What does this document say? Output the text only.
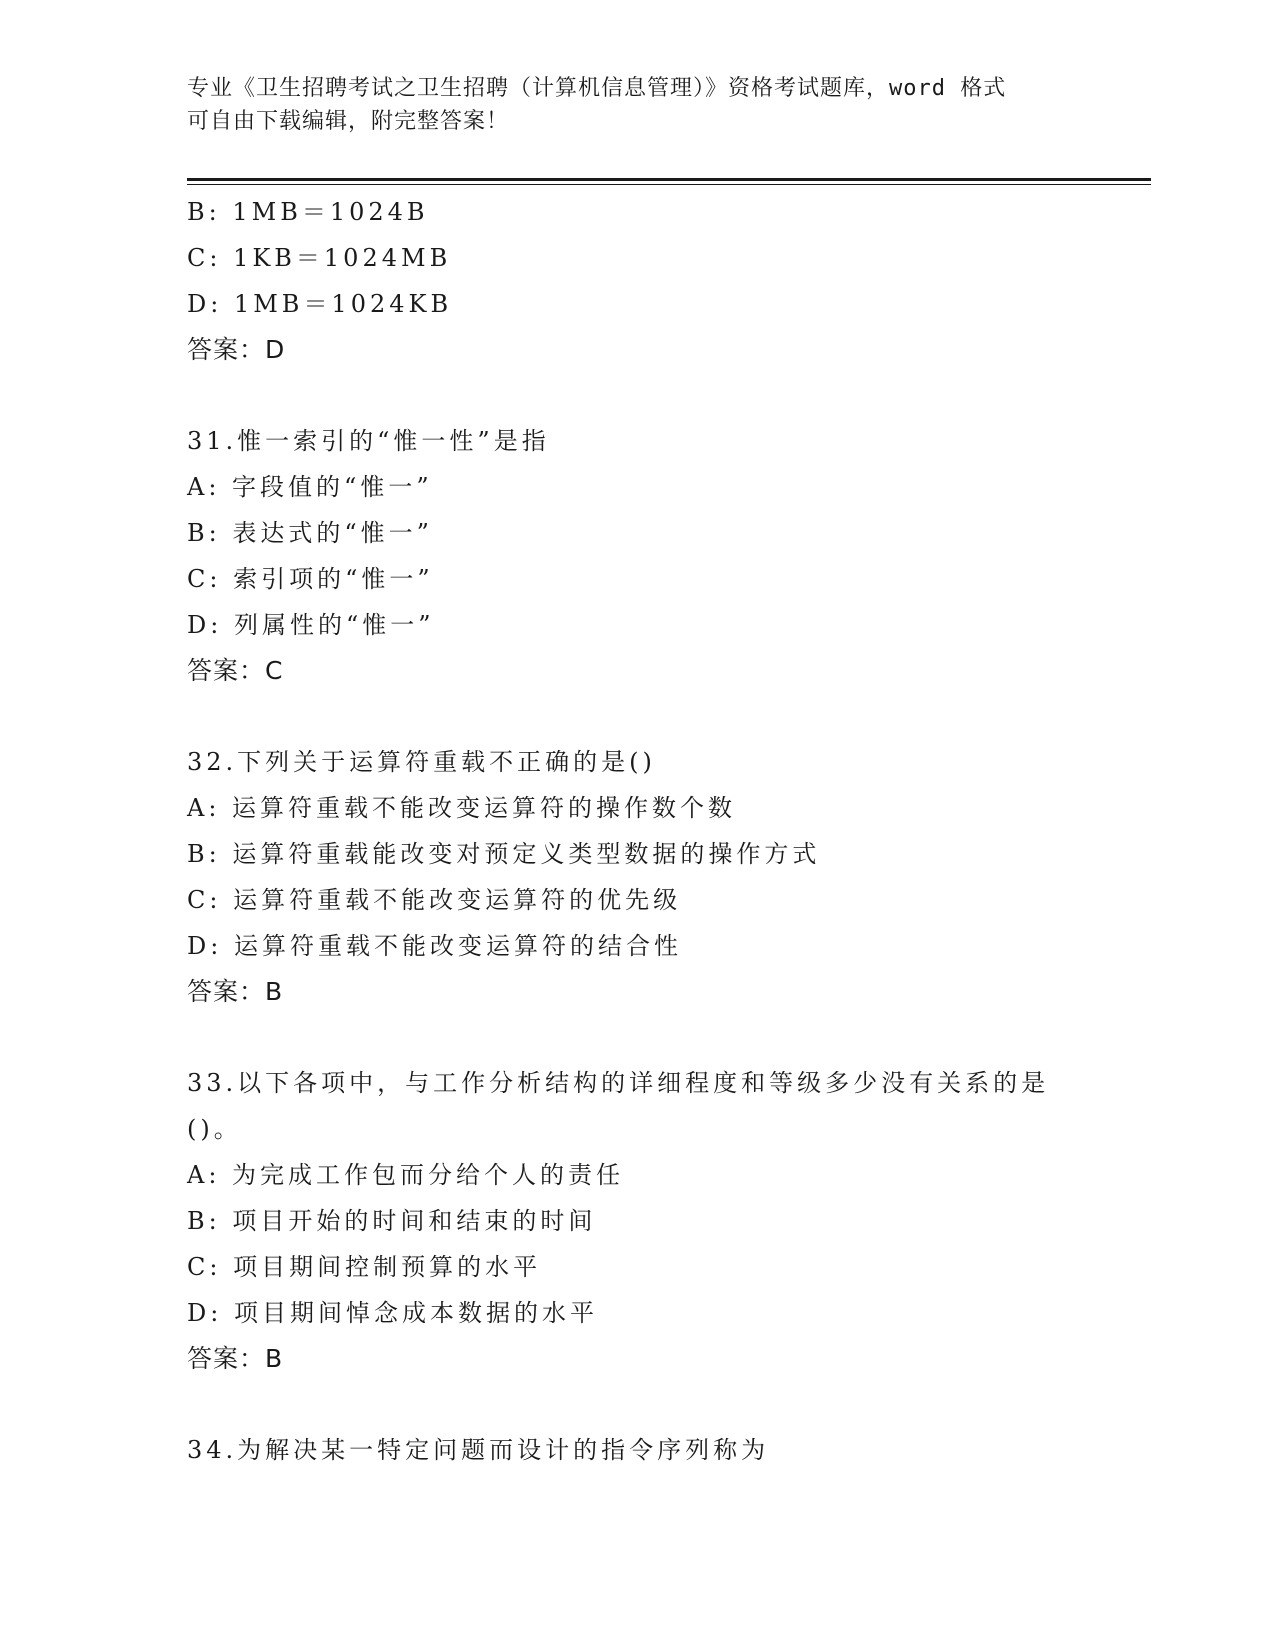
专业《卫生招聘考试之卫生招聘（计算机信息管理）》资格考试题库，word 格式
可自由下载编辑，附完整答案！
B: 1MB＝1024B
C: 1KB＝1024MB
D: 1MB＝1024KB
答案：D
31.惟一索引的“惟一性”是指
A: 字段值的“惟一”
B: 表达式的“惟一”
C: 索引项的“惟一”
D: 列属性的“惟一”
答案：C
32.下列关于运算符重载不正确的是()
A: 运算符重载不能改变运算符的操作数个数
B: 运算符重载能改变对预定义类型数据的操作方式
C: 运算符重载不能改变运算符的优先级
D: 运算符重载不能改变运算符的结合性
答案：B
33.以下各项中，与工作分析结构的详细程度和等级多少没有关系的是
()。
A: 为完成工作包而分给个人的责任
B: 项目开始的时间和结束的时间
C: 项目期间控制预算的水平
D: 项目期间悼念成本数据的水平
答案：B
34.为解决某一特定问题而设计的指令序列称为
